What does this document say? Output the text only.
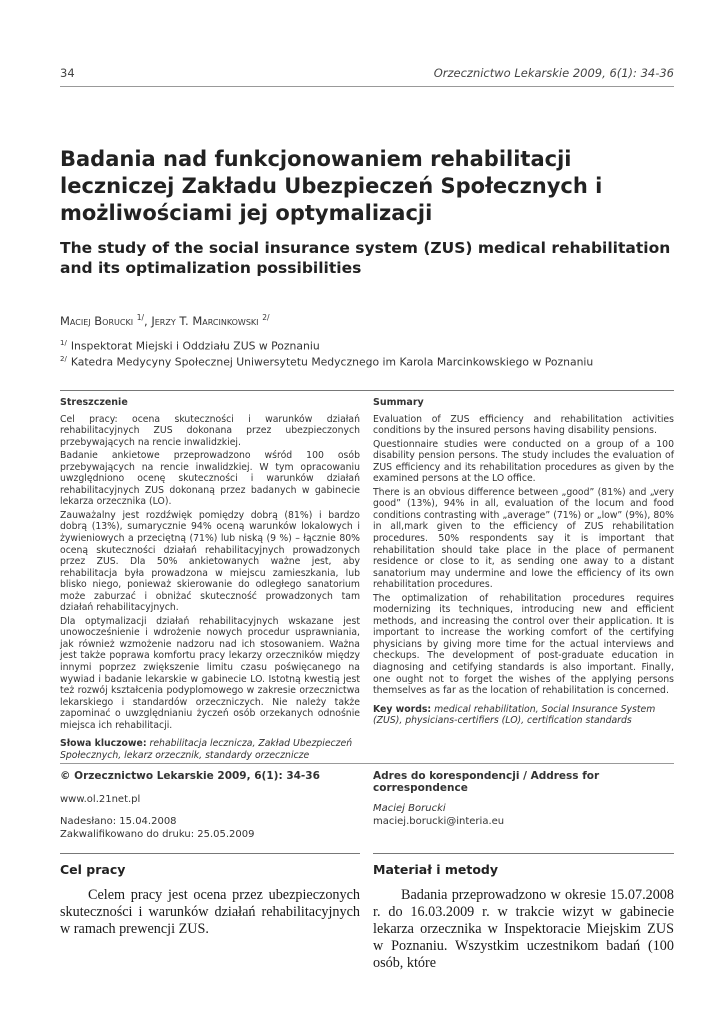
34	Orzecznictwo Lekarskie 2009, 6(1): 34-36
Badania nad funkcjonowaniem rehabilitacji leczniczej Zakładu Ubezpieczeń Społecznych i możliwościami jej optymalizacji
The study of the social insurance system (ZUS) medical rehabilitation and its optimalization possibilities
Maciej Borucki $^{1/}$, Jerzy T. Marcinkowski $^{2/}$
$^{1/}$ Inspektorat Miejski i Oddziału ZUS w Poznaniu
$^{2/}$ Katedra Medycyny Społecznej Uniwersytetu Medycznego im Karola Marcinkowskiego w Poznaniu
Streszczenie

Cel pracy: ocena skuteczności i warunków działań rehabilitacyjnych ZUS dokonana przez ubezpieczonych przebywających na rencie inwalidzkiej.

Badanie ankietowe przeprowadzono wśród 100 osób przebywających na rencie inwalidzkiej. W tym opracowaniu uwzględniono ocenę skuteczności i warunków działań rehabilitacyjnych ZUS dokonaną przez badanych w gabinecie lekarza orzecznika (LO).

Zauważalny jest rozdźwięk pomiędzy dobrą (81%) i bardzo dobrą (13%), sumarycznie 94% oceną warunków lokalowych i żywieniowych a przeciętną (71%) lub niską (9 %) – łącznie 80% oceną skuteczności działań rehabilitacyjnych prowadzonych przez ZUS. Dla 50% ankietowanych ważne jest, aby rehabilitacja była prowadzona w miejscu zamieszkania, lub blisko niego, ponieważ skierowanie do odległego sanatorium może zaburzać i obniżać skuteczność prowadzonych tam działań rehabilitacyjnych.

Dla optymalizacji działań rehabilitacyjnych wskazane jest unowocześnienie i wdrożenie nowych procedur usprawniania, jak również wzmożenie nadzoru nad ich stosowaniem. Ważna jest także poprawa komfortu pracy lekarzy orzeczników między innymi poprzez zwiększenie limitu czasu poświęcanego na wywiad i badanie lekarskie w gabinecie LO. Istotną kwestią jest też rozwój kształcenia podyplomowego w zakresie orzecznictwa lekarskiego i standardów orzeczniczych. Nie należy także zapominać o uwzględnianiu życzeń osób orzekanych odnośnie miejsca ich rehabilitacji.

Słowa kluczowe: rehabilitacja lecznicza, Zakład Ubezpieczeń Społecznych, lekarz orzecznik, standardy orzecznicze
Summary

Evaluation of ZUS efficiency and rehabilitation activities conditions by the insured persons having disability pensions.

Questionnaire studies were conducted on a group of a 100 disability pension persons. The study includes the evaluation of ZUS efficiency and its rehabilitation procedures as given by the examined persons at the LO office.

There is an obvious difference between „good” (81%) and „very good” (13%), 94% in all, evaluation of the locum and food conditions contrasting with „average” (71%) or „low” (9%), 80% in all,mark given to the efficiency of ZUS rehabilitation procedures. 50% respondents say it is important that rehabilitation should take place in the place of permanent residence or close to it, as sending one away to a distant sanatorium may undermine and lowe the efficiency of its own rehabilitation procedures.

The optimalization of rehabilitation procedures requires modernizing its techniques, introducing new and efficient methods, and increasing the control over their application. It is important to increase the working comfort of the certifying physicians by giving more time for the actual interviews and checkups. The development of post-graduate education in diagnosing and cetifying standards is also important. Finally, one ought not to forget the wishes of the applying persons themselves as far as the location of rehabilitation is concerned.

Key words: medical rehabilitation, Social Insurance System (ZUS), physicians-certifiers (LO), certification standards
© Orzecznictwo Lekarskie 2009, 6(1): 34-36
www.ol.21net.pl
Nadesłano: 15.04.2008
Zakwalifikowano do druku: 25.05.2009
Adres do korespondencji / Address for correspondence
Maciej Borucki
maciej.borucki@interia.eu
Cel pracy

Celem pracy jest ocena przez ubezpieczonych skuteczności i warunków działań rehabilitacyjnych w ramach prewencji ZUS.

Materiał i metody

Badania przeprowadzono w okresie 15.07.2008 r. do 16.03.2009 r. w trakcie wizyt w gabinecie lekarza orzecznika w Inspektoracie Miejskim ZUS w Poznaniu. Wszystkim uczestnikom badań (100 osób, które
